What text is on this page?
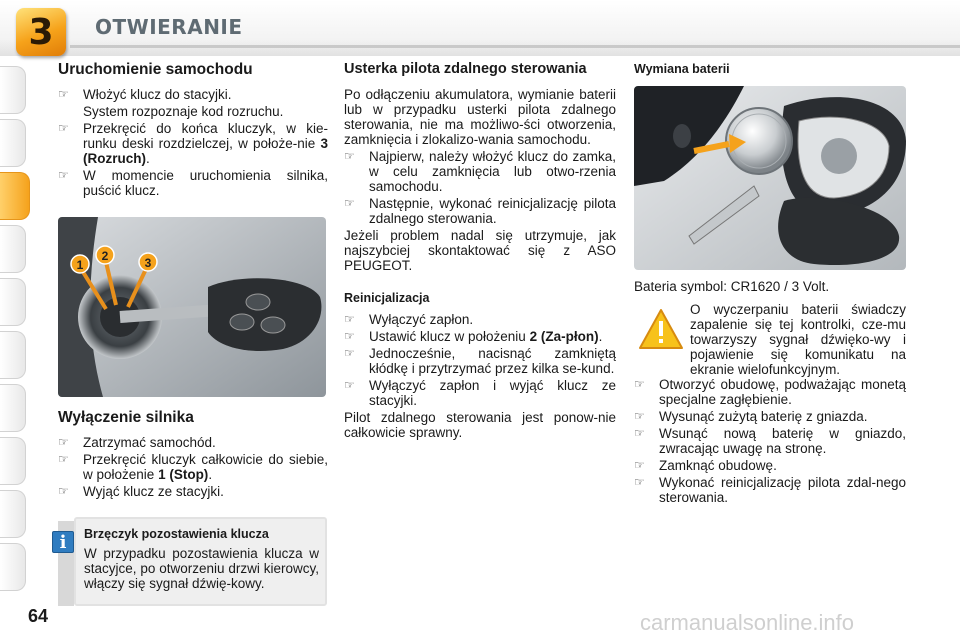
3	OTWIERANIE
Uruchomienie samochodu
☞ Włożyć klucz do stacyjki.
System rozpoznaje kod rozruchu.
☞ Przekręcić do końca kluczyk, w kie-runku deski rozdzielczej, w położe-nie 3 (Rozruch).
☞ W momencie uruchomienia silnika, puścić klucz.
1
2	3
Wyłączenie silnika
☞ Zatrzymać samochód.
☞ Przekręcić kluczyk całkowicie do siebie, w położenie 1 (Stop).
☞ Wyjąć klucz ze stacyjki.
i	Brzęczyk pozostawienia klucza
W przypadku pozostawienia klucza w stacyjce, po otworzeniu drzwi kierowcy, włączy się sygnał dźwię-kowy.
Usterka pilota zdalnego sterowania
Po odłączeniu akumulatora, wymianie baterii lub w przypadku usterki pilota zdalnego sterowania, nie ma możliwo-ści otworzenia, zamknięcia i zlokalizo-wania samochodu.
☞ Najpierw, należy włożyć klucz do zamka, w celu zamknięcia lub otwo-rzenia samochodu.
☞ Następnie, wykonać reinicjalizację pilota zdalnego sterowania.
Jeżeli problem nadal się utrzymuje, jak najszybciej skontaktować się z ASO PEUGEOT.
Reinicjalizacja
☞ Wyłączyć zapłon.
☞ Ustawić klucz w położeniu 2 (Za-płon).
☞ Jednocześnie, nacisnąć zamkniętą kłódkę i przytrzymać przez kilka se-kund.
☞ Wyłączyć zapłon i wyjąć klucz ze stacyjki.
Pilot zdalnego sterowania jest ponow-nie całkowicie sprawny.
Wymiana baterii
Bateria symbol: CR1620 / 3 Volt.
O wyczerpaniu baterii świadczy zapalenie się tej kontrolki, cze-mu towarzyszy sygnał dźwięko-wy i pojawienie się komunikatu na ekranie wielofunkcyjnym.
☞ Otworzyć obudowę, podważając monetą specjalne zagłębienie.
☞ Wysunąć zużytą baterię z gniazda.
☞ Wsunąć nową baterię w gniazdo, zwracając uwagę na stronę.
☞ Zamknąć obudowę.
☞ Wykonać reinicjalizację pilota zdal-nego sterowania.
64	carmanualsonline.info
